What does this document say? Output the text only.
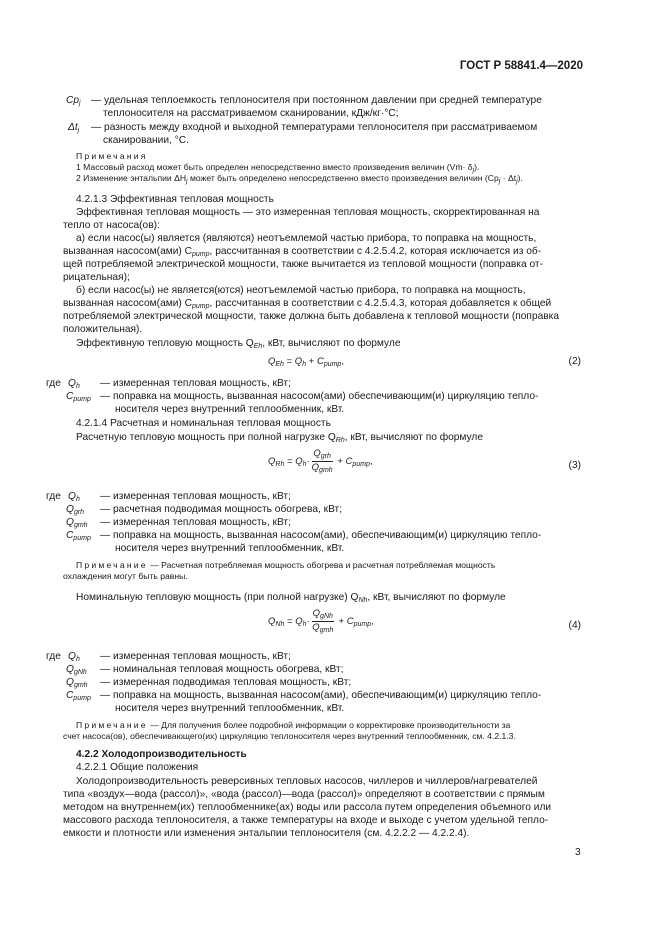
ГОСТ Р 58841.4—2020
Cpj — удельная теплоемкость теплоносителя при постоянном давлении при средней температуре
теплоносителя на рассматриваемом сканировании, кДж/кг·°С;
Δtj — разность между входной и выходной температурами теплоносителя при рассматриваемом
сканировании, °С.
Примечания
1 Массовый расход может быть определен непосредственно вместо произведения величин (Vṁ· $\delta_j$).
2 Изменение энтальпии $\Delta H_j$ может быть определено непосредственно вместо произведения величин $(Cp_j \cdot \Delta t_j)$.
4.2.1.3 Эффективная тепловая мощность
Эффективная тепловая мощность — это измеренная тепловая мощность, скорректированная на
тепло от насоса(ов):
а) если насос(ы) является (являются) неотъемлемой частью прибора, то поправка на мощность,
вызванная насосом(ами) Cpump, рассчитанная в соответствии с 4.2.5.4.2, которая исключается из об-
щей потребляемой электрической мощности, также вычитается из тепловой мощности (поправка от-
рицательная);
б) если насос(ы) не является(ются) неотъемлемой частью прибора, то поправка на мощность,
вызванная насосом(ами) Cpump, рассчитанная в соответствии с 4.2.5.4.3, которая добавляется к общей
потребляемой электрической мощности, также должна быть добавлена к тепловой мощности (поправка
положительная).
Эффективную тепловую мощность QEh, кВт, вычисляют по формуле
$Q_{Eh} = Q_h + C_{pump}$,	(2)
где Qh — измеренная тепловая мощность, кВт;
Cpump — поправка на мощность, вызванная насосом(ами) обеспечивающим(и) циркуляцию тепло-
носителя через внутренний теплообменник, кВт.
4.2.1.4 Расчетная и номинальная тепловая мощность
Расчетную тепловую мощность при полной нагрузке QRh, кВт, вычисляют по формуле
$Q_{Rh} = Q_h\cdot \frac{Q_{grh}}{Q_{gmh}} + C_{pump}$,	(3)
где Qh — измеренная тепловая мощность, кВт;
Qgrh — расчетная подводимая мощность обогрева, кВт;
Qgmh — измеренная тепловая мощность, кВт;
Cpump — поправка на мощность, вызванная насосом(ами), обеспечивающим(и) циркуляцию тепло-
носителя через внутренний теплообменник, кВт.
Примечание — Расчетная потребляемая мощность обогрева и расчетная потребляемая мощность
охлаждения могут быть равны.
Номинальную тепловую мощность (при полной нагрузке) QNh, кВт, вычисляют по формуле
$Q_{Nh} = Q_h\cdot \frac{Q_{gNh}}{Q_{gmh}} + C_{pump}$,	(4)
где Qh — измеренная тепловая мощность, кВт;
QgNh — номинальная тепловая мощность обогрева, кВт;
Qgmh — измеренная подводимая тепловая мощность, кВт;
Cpump — поправка на мощность, вызванная насосом(ами), обеспечивающим(и) циркуляцию тепло-
носителя через внутренний теплообменник, кВт.
Примечание — Для получения более подробной информации о корректировке производительности за
счет насоса(ов), обеспечивающего(их) циркуляцию теплоносителя через внутренний теплообменник, см. 4.2.1.3.
4.2.2 Холодопроизводительность
4.2.2.1 Общие положения
Холодопроизводительность реверсивных тепловых насосов, чиллеров и чиллеров/нагревателей
типа «воздух—вода (рассол)», «вода (рассол)—вода (рассол)» определяют в соответствии с прямым
методом на внутреннем(их) теплообменнике(ах) воды или рассола путем определения объемного или
массового расхода теплоносителя, а также температуры на входе и выходе с учетом удельной тепло-
емкости и плотности или изменения энтальпии теплоносителя (см. 4.2.2.2 — 4.2.2.4).
3
